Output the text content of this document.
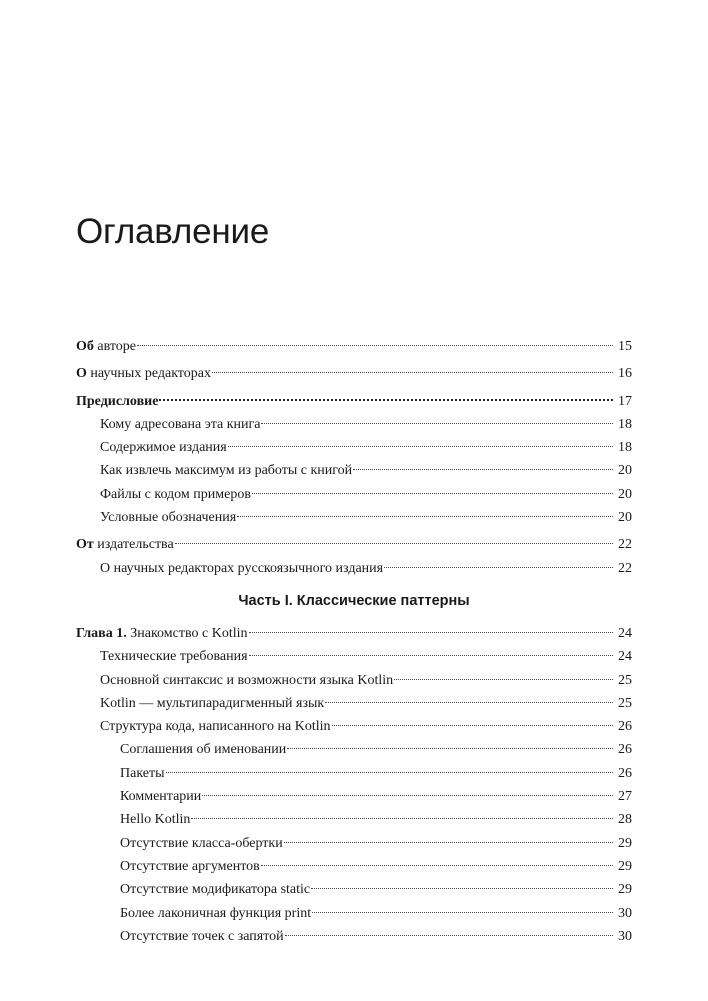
Оглавление
Об авторе	15
О научных редакторах	16
Предисловие	17
Кому адресована эта книга	18
Содержимое издания	18
Как извлечь максимум из работы с книгой	20
Файлы с кодом примеров	20
Условные обозначения	20
От издательства	22
О научных редакторах русскоязычного издания	22
Часть I. Классические паттерны
Глава 1. Знакомство с Kotlin	24
Технические требования	24
Основной синтаксис и возможности языка Kotlin	25
Kotlin — мультипарадигменный язык	25
Структура кода, написанного на Kotlin	26
Соглашения об именовании	26
Пакеты	26
Комментарии	27
Hello Kotlin	28
Отсутствие класса-обертки	29
Отсутствие аргументов	29
Отсутствие модификатора static	29
Более лаконичная функция print	30
Отсутствие точек с запятой	30
